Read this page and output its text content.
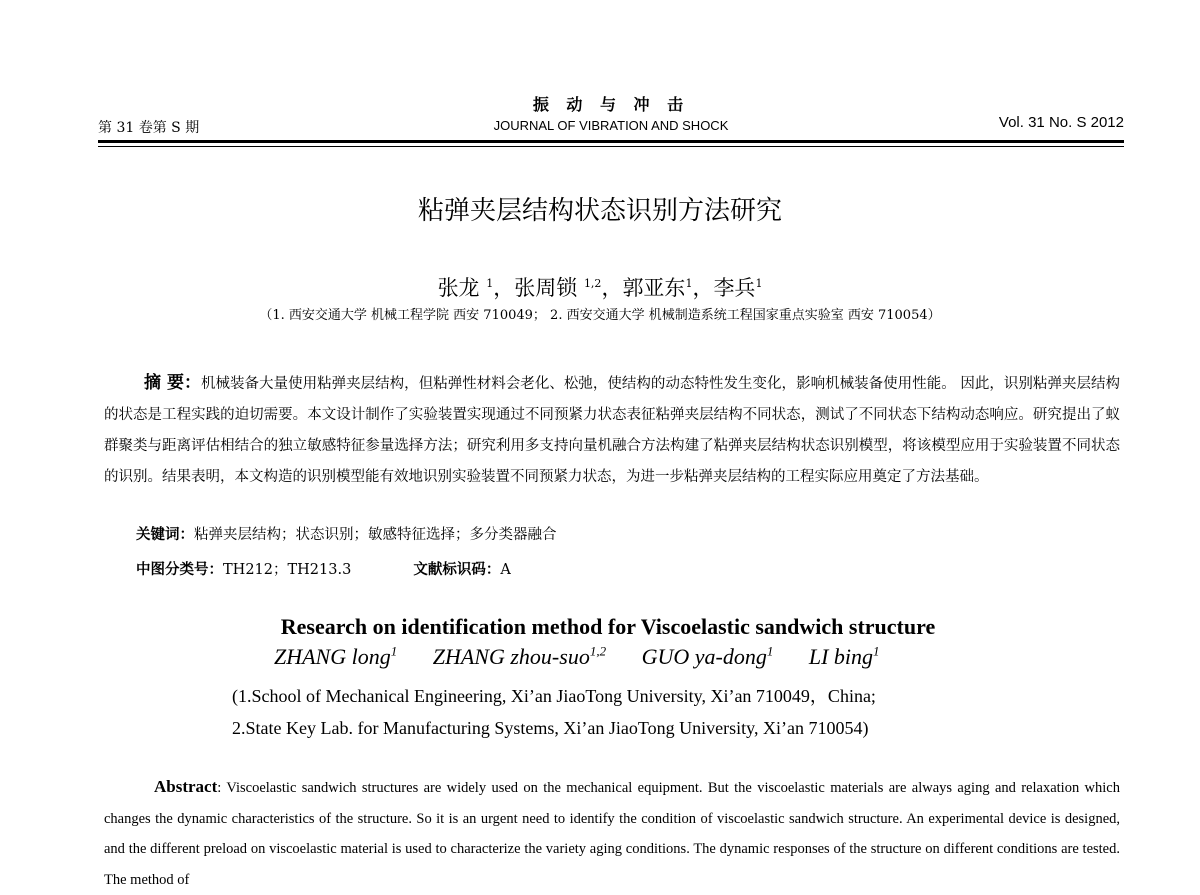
振 动 与 冲 击
第 31 卷第 S 期	JOURNAL OF VIBRATION AND SHOCK	Vol. 31 No. S 2012
粘弹夹层结构状态识别方法研究
张龙 $^1$，张周锁 $^{1,2}$，郭亚东$^1$，李兵$^1$
（1. 西安交通大学 机械工程学院 西安 710049； 2. 西安交通大学 机械制造系统工程国家重点实验室 西安 710054）
摘 要：机械装备大量使用粘弹夹层结构，但粘弹性材料会老化、松弛，使结构的动态特性发生变化，影响机械装备使用性能。 因此，识别粘弹夹层结构的状态是工程实践的迫切需要。本文设计制作了实验装置实现通过不同预紧力状态表征粘弹夹层结构不同状态，测试了不同状态下结构动态响应。研究提出了蚁群聚类与距离评估相结合的独立敏感特征参量选择方法；研究利用多支持向量机融合方法构建了粘弹夹层结构状态识别模型，将该模型应用于实验装置不同状态的识别。结果表明，本文构造的识别模型能有效地识别实验装置不同预紧力状态，为进一步粘弹夹层结构的工程实际应用奠定了方法基础。
关键词：粘弹夹层结构；状态识别；敏感特征选择；多分类器融合
中图分类号：TH212；TH213.3	文献标识码：A
Research on identification method for Viscoelastic sandwich structure
ZHANG long$^1$ ZHANG zhou-suo$^{1,2}$ GUO ya-dong$^1$ LI bing$^1$
(1.School of Mechanical Engineering, Xi’an JiaoTong University, Xi’an 710049，China;
2.State Key Lab. for Manufacturing Systems, Xi’an JiaoTong University, Xi’an 710054)
Abstract: Viscoelastic sandwich structures are widely used on the mechanical equipment. But the viscoelastic materials are always aging and relaxation which changes the dynamic characteristics of the structure. So it is an urgent need to identify the condition of viscoelastic sandwich structure. An experimental device is designed, and the different preload on viscoelastic material is used to characterize the variety aging conditions. The dynamic responses of the structure on different conditions are tested. The method of
